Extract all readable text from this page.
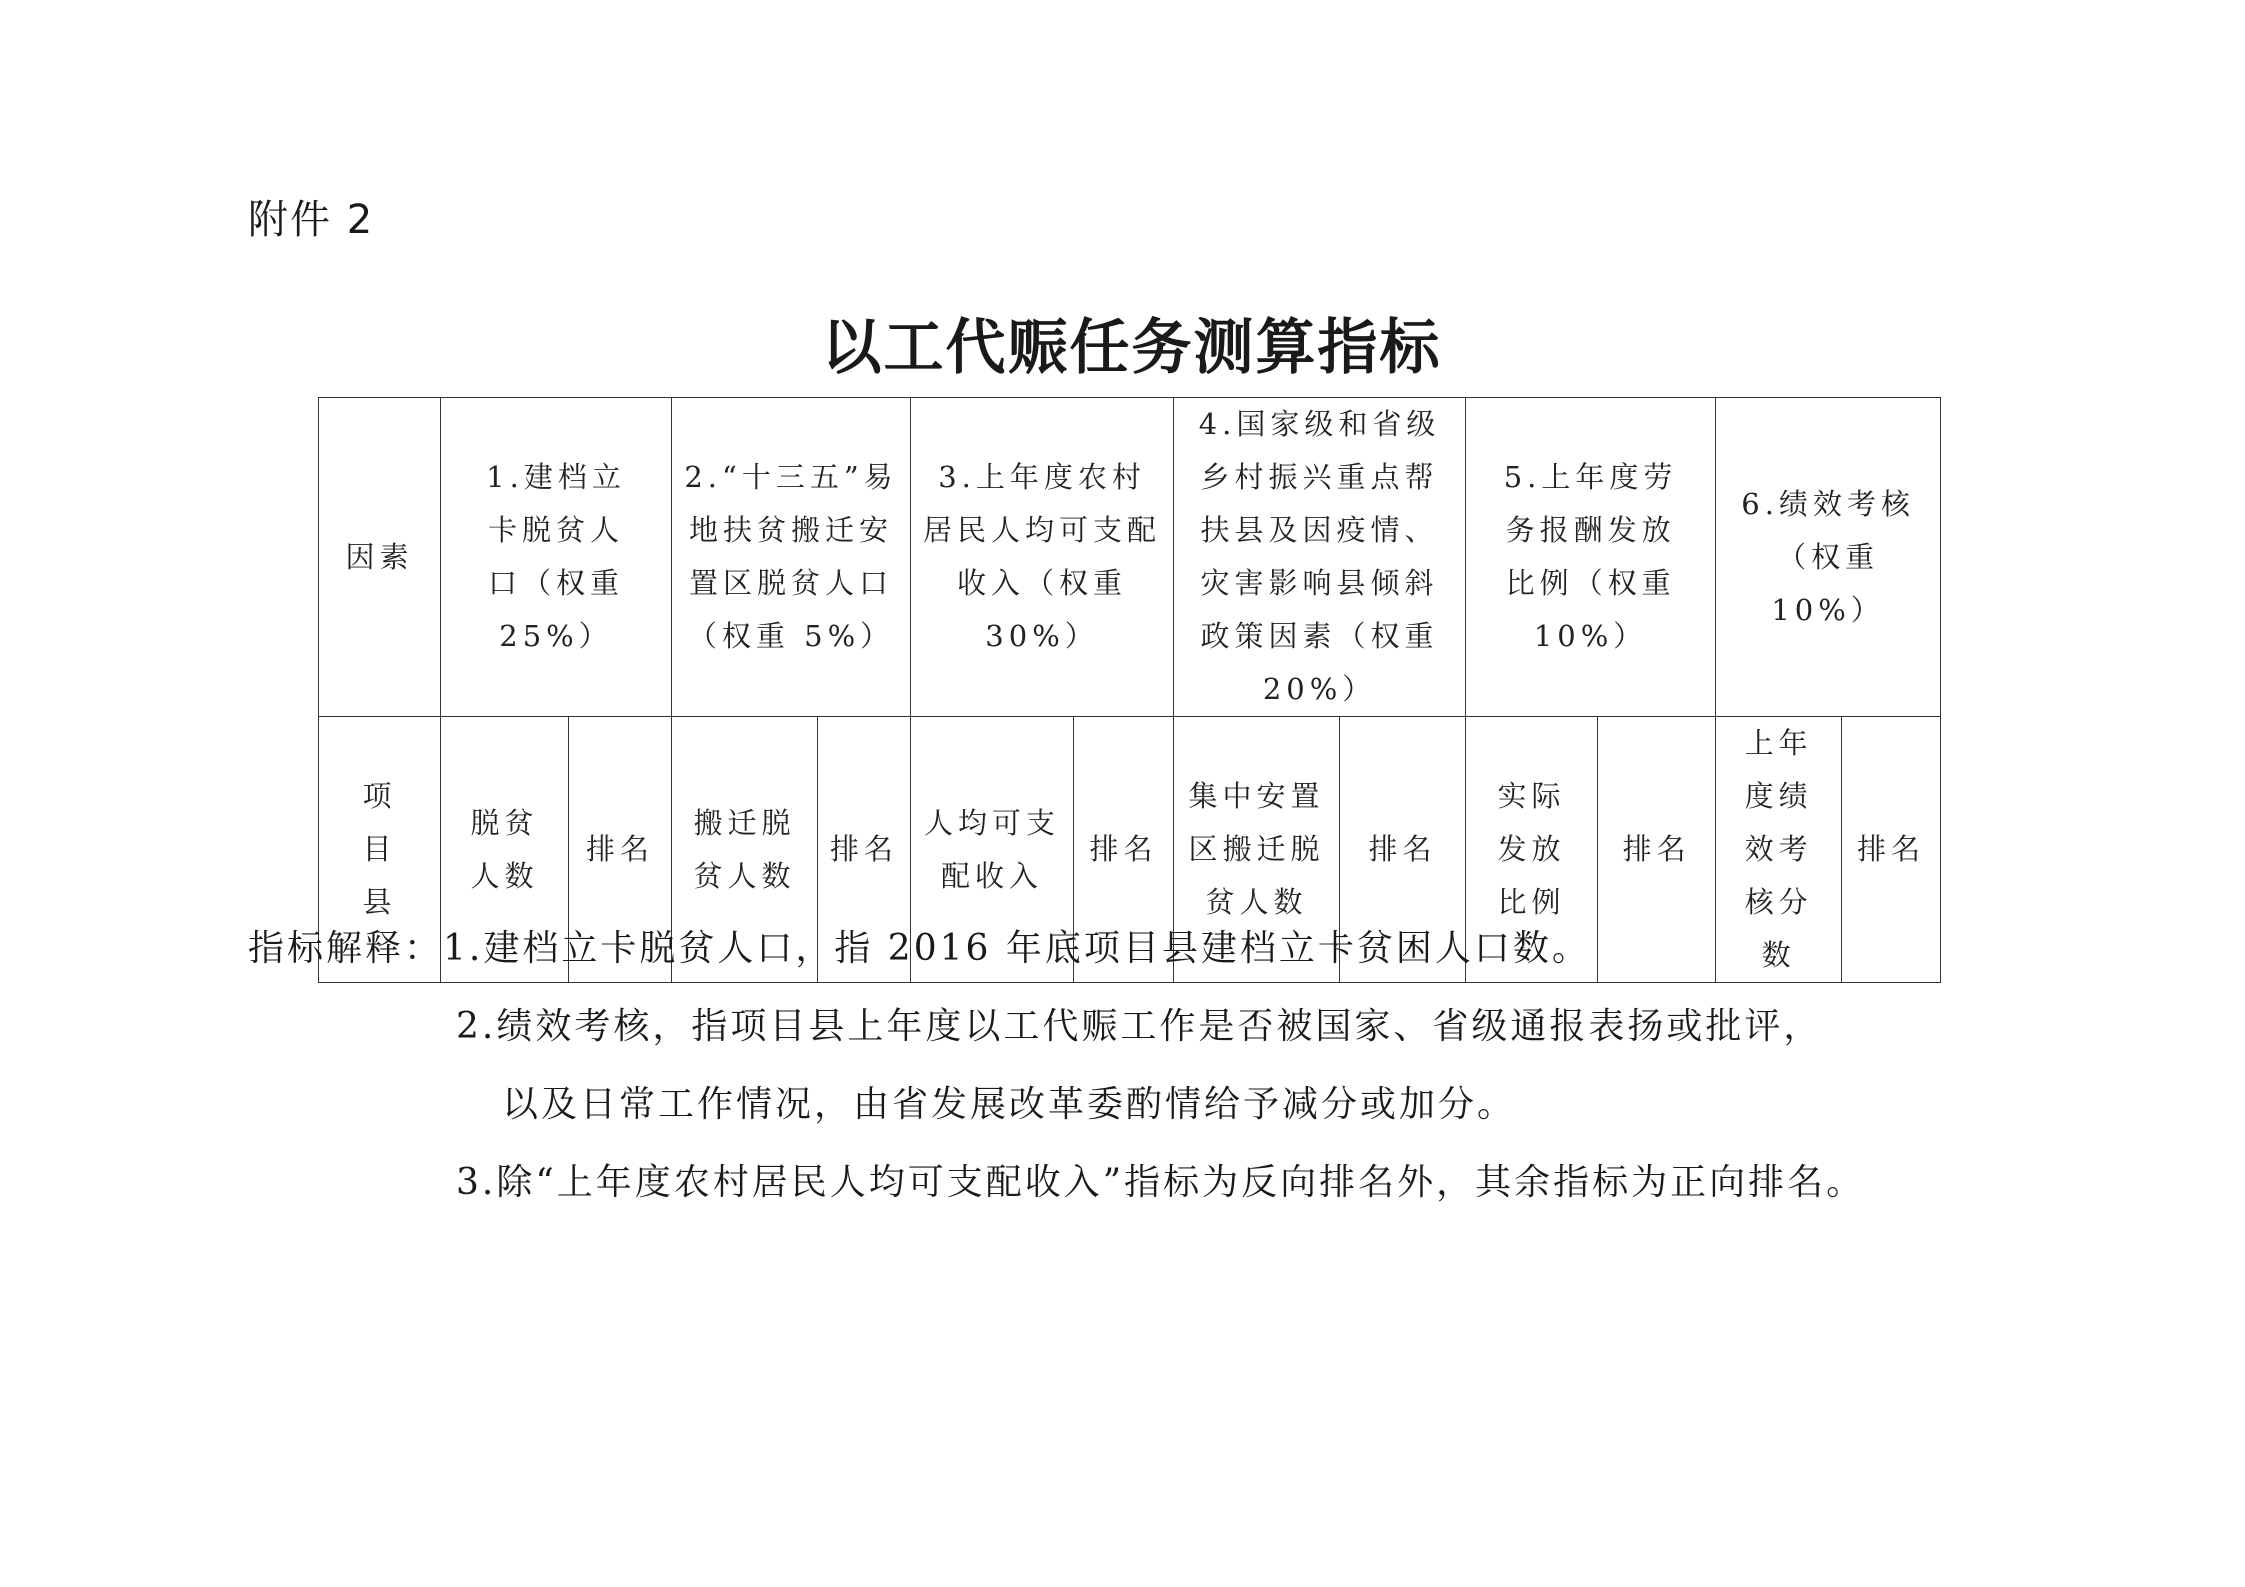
附件 2
以工代赈任务测算指标
因素	1.建档立卡脱贫人口（权重 25%）		2.“十三五”易地扶贫搬迁安置区脱贫人口（权重 5%）		3.上年度农村居民人均可支配收入（权重 30%）		4.国家级和省级乡村振兴重点帮扶县及因疫情、灾害影响县倾斜政策因素（权重 20%）		5.上年度劳务报酬发放比例（权重 10%）		6.绩效考核（权重 10%）	
项目县	脱贫人数	排名	搬迁脱贫人数	排名	人均可支配收入	排名	集中安置区搬迁脱贫人数	排名	实际发放比例	排名	上年度绩效考核分数	排名
指标解释：1.建档立卡脱贫人口，指 2016 年底项目县建档立卡贫困人口数。
2.绩效考核，指项目县上年度以工代赈工作是否被国家、省级通报表扬或批评，
以及日常工作情况，由省发展改革委酌情给予减分或加分。
3.除“上年度农村居民人均可支配收入”指标为反向排名外，其余指标为正向排名。
